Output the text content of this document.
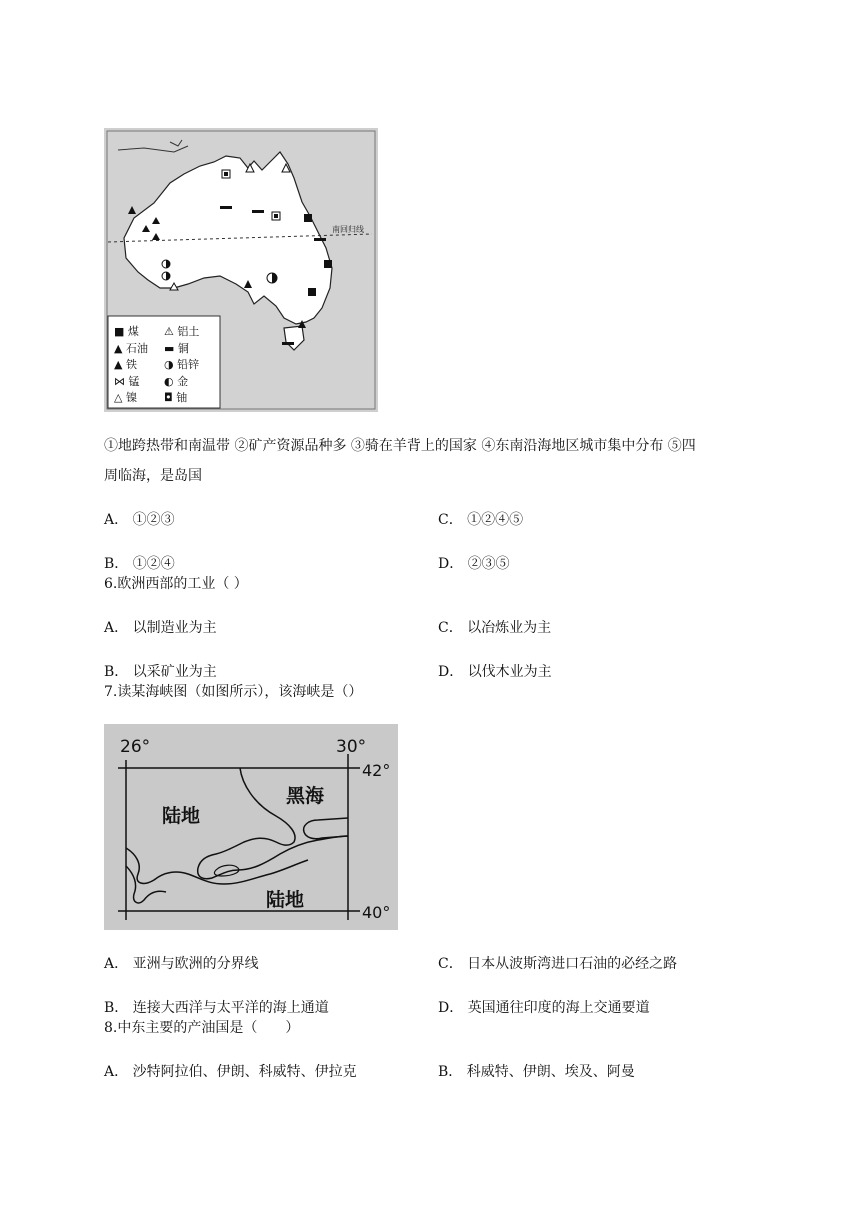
南回归线
■ 煤	⚠ 铝土
▲ 石油	▬ 铜
▲ 铁	◑ 铅锌
⋈ 锰	◐ 金
△ 镍	◘ 铀
①地跨热带和南温带 ②矿产资源品种多 ③骑在羊背上的国家 ④东南沿海地区城市集中分布 ⑤四
周临海，是岛国
A． ①②③	C． ①②④⑤
B． ①②④	D． ②③⑤
6.欧洲西部的工业（ ）
A． 以制造业为主	C． 以冶炼业为主
B． 以采矿业为主	D． 以伐木业为主
7.读某海峡图（如图所示），该海峡是（）
26°	30°
42°
40°
陆地
黑海
陆地
A． 亚洲与欧洲的分界线	C． 日本从波斯湾进口石油的必经之路
B． 连接大西洋与太平洋的海上通道	D． 英国通往印度的海上交通要道
8.中东主要的产油国是（　　）
A． 沙特阿拉伯、伊朗、科威特、伊拉克	B． 科威特、伊朗、埃及、阿曼
